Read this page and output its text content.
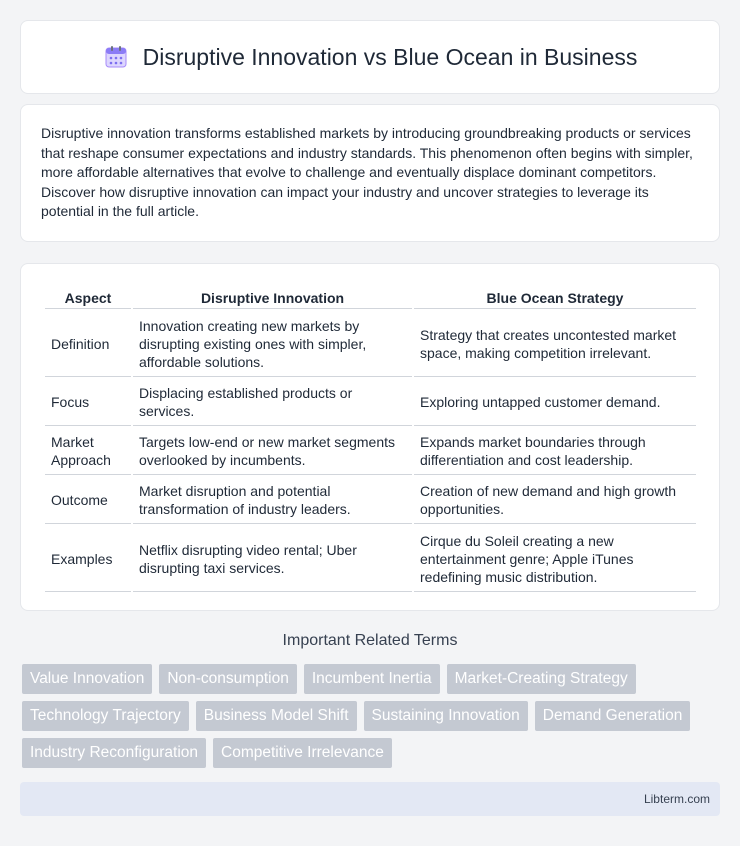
Disruptive Innovation vs Blue Ocean in Business

Disruptive innovation transforms established markets by introducing groundbreaking products or services that reshape consumer expectations and industry standards. This phenomenon often begins with simpler, more affordable alternatives that evolve to challenge and eventually displace dominant competitors. Discover how disruptive innovation can impact your industry and uncover strategies to leverage its potential in the full article.

Aspect	Disruptive Innovation	Blue Ocean Strategy
Definition	Innovation creating new markets by disrupting existing ones with simpler, affordable solutions.	Strategy that creates uncontested market space, making competition irrelevant.
Focus	Displacing established products or services.	Exploring untapped customer demand.
Market Approach	Targets low-end or new market segments overlooked by incumbents.	Expands market boundaries through differentiation and cost leadership.
Outcome	Market disruption and potential transformation of industry leaders.	Creation of new demand and high growth opportunities.
Examples	Netflix disrupting video rental; Uber disrupting taxi services.	Cirque du Soleil creating a new entertainment genre; Apple iTunes redefining music distribution.
Important Related Terms
Value Innovation	Non-consumption	Incumbent Inertia	Market-Creating Strategy
Technology Trajectory	Business Model Shift	Sustaining Innovation	Demand Generation
Industry Reconfiguration	Competitive Irrelevance
Libterm.com
